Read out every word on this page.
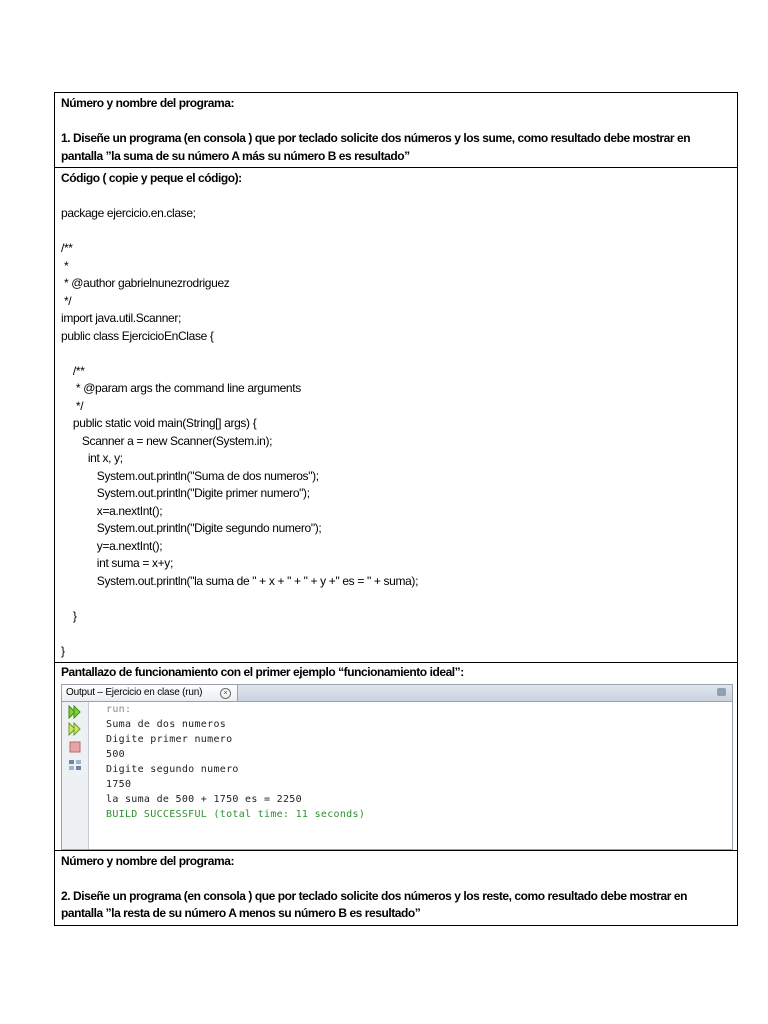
Número y nombre del programa:
1. Diseñe un programa (en consola ) que por teclado solicite dos números y los sume, como resultado debe mostrar en pantalla ”la suma de su número A más su número B es resultado”

Código ( copie y peque el código):
package ejercicio.en.clase;

/**
*
* @author gabrielnunezrodriguez
*/
import java.util.Scanner;
public class EjercicioEnClase {

/**
* @param args the command line arguments
*/
public static void main(String[] args) {
Scanner a = new Scanner(System.in);
int x, y;
System.out.println("Suma de dos numeros");
System.out.println("Digite primer numero");
x=a.nextInt();
System.out.println("Digite segundo numero");
y=a.nextInt();
int suma = x+y;
System.out.println("la suma de " + x + " + " + y +" es = " + suma);

}

}

Pantallazo de funcionamiento con el primer ejemplo “funcionamiento ideal”:
Output – Ejercicio en clase (run)	×
run:
Suma de dos numeros
Digite primer numero
500
Digite segundo numero
1750
la suma de 500 + 1750 es = 2250
BUILD SUCCESSFUL (total time: 11 seconds)

Número y nombre del programa:
2. Diseñe un programa (en consola ) que por teclado solicite dos números y los reste, como resultado debe mostrar en pantalla ”la resta de su número A menos su número B es resultado”
